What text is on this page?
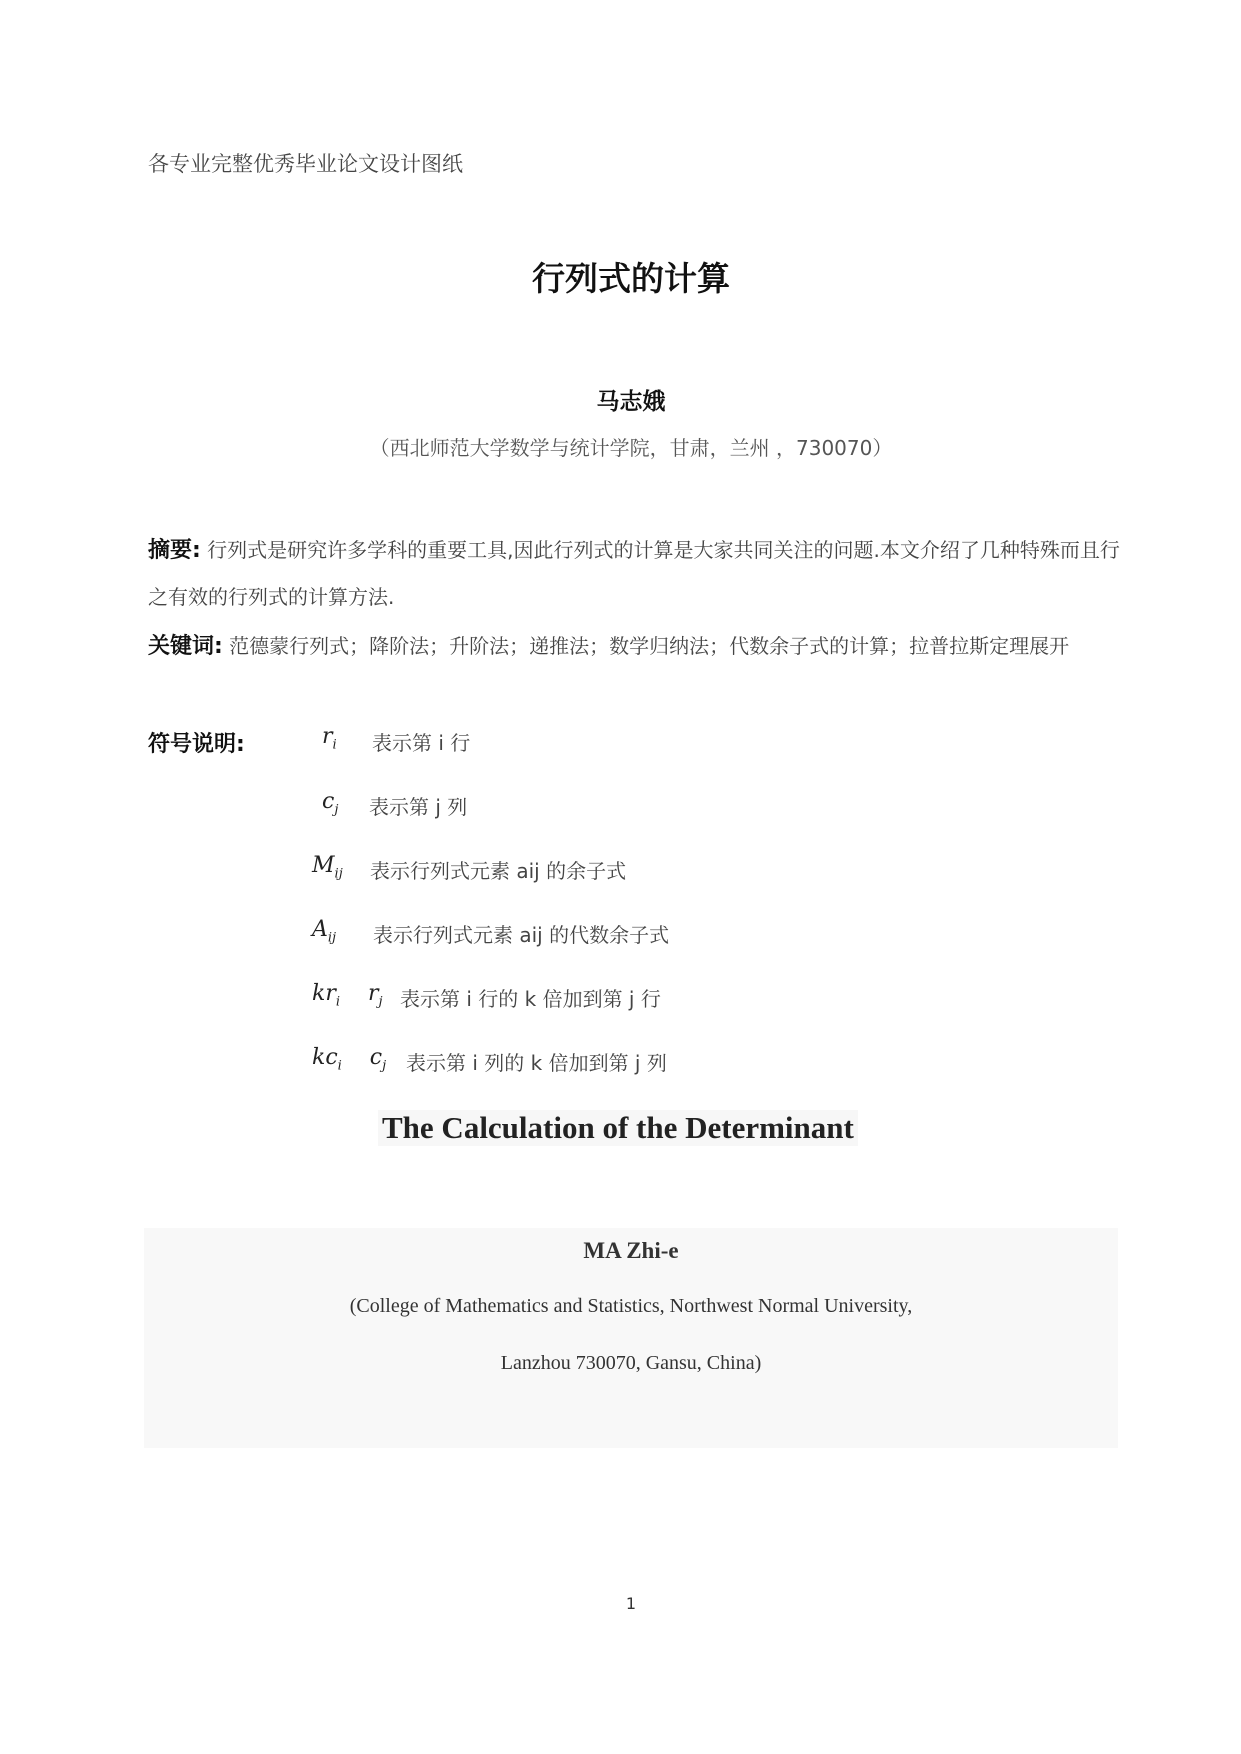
各专业完整优秀毕业论文设计图纸
行列式的计算
马志娥
（西北师范大学数学与统计学院，甘肃，兰州 ，730070）
摘要: 行列式是研究许多学科的重要工具,因此行列式的计算是大家共同关注的问题.本文介绍了几种特殊而且行之有效的行列式的计算方法.
关键词: 范德蒙行列式；降阶法；升阶法；递推法；数学归纳法；代数余子式的计算；拉普拉斯定理展开
符号说明:	$r_i$ 表示第 i 行
$c_j$ 表示第 j 列
$M_{ij}$ 表示行列式元素 aij 的余子式
$A_{ij}$ 表示行列式元素 aij 的代数余子式
$kr_i$    $r_j$ 表示第 i 行的 k 倍加到第 j 行
$kc_i$    $c_j$ 表示第 i 列的 k 倍加到第 j 列
The Calculation of the Determinant
MA Zhi-e
(College of Mathematics and Statistics, Northwest Normal University,
Lanzhou 730070, Gansu, China)
1
